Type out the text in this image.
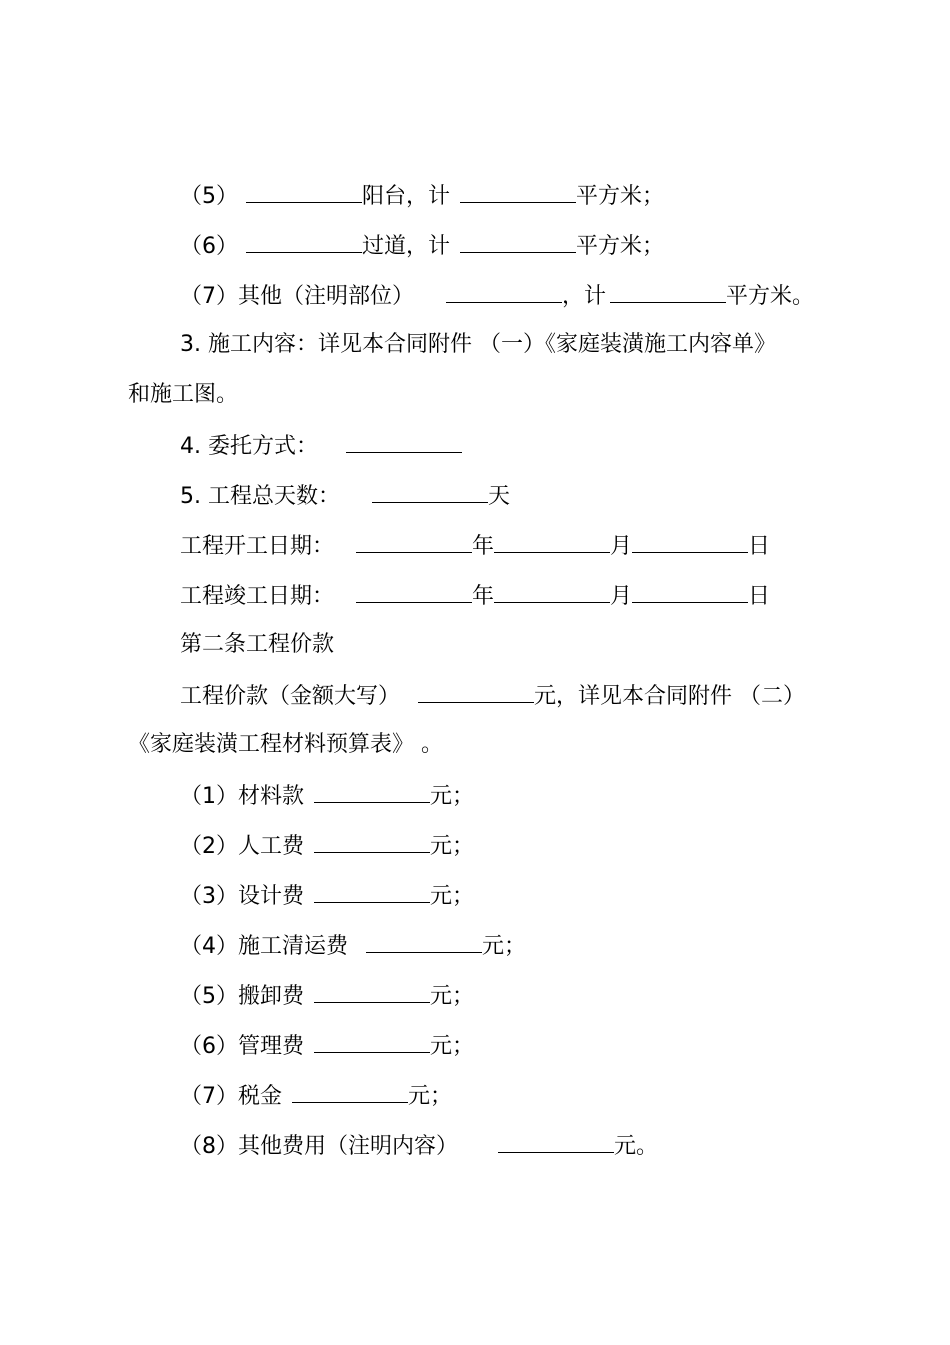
（5）	阳台，计	平方米；
（6）	过道，计	平方米；
（7）其他（注明部位）	，计	平方米。
3. 施工内容：详见本合同附件 （一）《家庭装潢施工内容单》
和施工图。
4. 委托方式：
5. 工程总天数：	天
工程开工日期：	年	月	日
工程竣工日期：	年	月	日
第二条工程价款
工程价款（金额大写）	元，详见本合同附件 （二）
《家庭装潢工程材料预算表》 。
（1）材料款	元；
（2）人工费	元；
（3）设计费	元；
（4）施工清运费	元；
（5）搬卸费	元；
（6）管理费	元；
（7）税金	元；
（8）其他费用（注明内容）	元。
